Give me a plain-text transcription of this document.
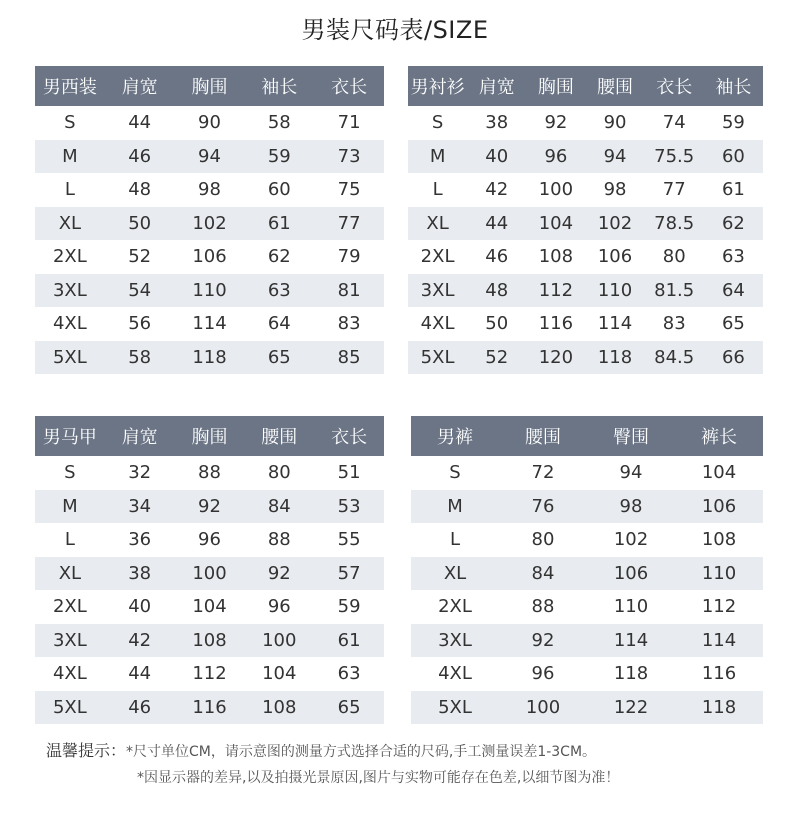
男装尺码表/SIZE
男西装	肩宽	胸围	袖长	衣长
S	44	90	58	71
M	46	94	59	73
L	48	98	60	75
XL	50	102	61	77
2XL	52	106	62	79
3XL	54	110	63	81
4XL	56	114	64	83
5XL	58	118	65	85
男衬衫	肩宽	胸围	腰围	衣长	袖长
S	38	92	90	74	59
M	40	96	94	75.5	60
L	42	100	98	77	61
XL	44	104	102	78.5	62
2XL	46	108	106	80	63
3XL	48	112	110	81.5	64
4XL	50	116	114	83	65
5XL	52	120	118	84.5	66
男马甲	肩宽	胸围	腰围	衣长
S	32	88	80	51
M	34	92	84	53
L	36	96	88	55
XL	38	100	92	57
2XL	40	104	96	59
3XL	42	108	100	61
4XL	44	112	104	63
5XL	46	116	108	65
男裤	腰围	臀围	裤长
S	72	94	104
M	76	98	106
L	80	102	108
XL	84	106	110
2XL	88	110	112
3XL	92	114	114
4XL	96	118	116
5XL	100	122	118
温馨提示：*尺寸单位CM，请示意图的测量方式选择合适的尺码,手工测量误差1-3CM。
*因显示器的差异,以及拍摄光景原因,图片与实物可能存在色差,以细节图为准！
